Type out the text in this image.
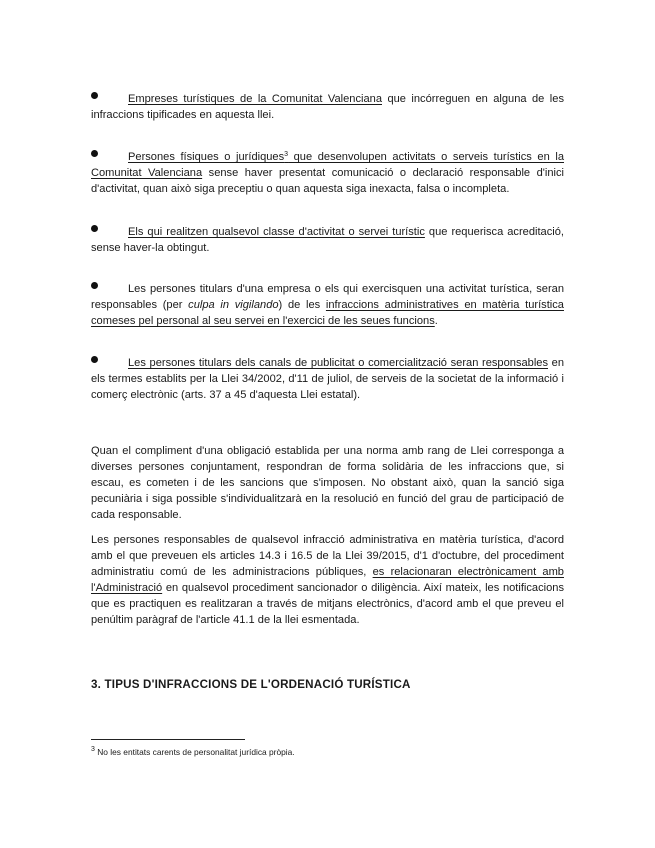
Empreses turístiques de la Comunitat Valenciana que incórreguen en alguna de les infraccions tipificades en aquesta llei.

Persones físiques o jurídiques$^3$ que desenvolupen activitats o serveis turístics en la Comunitat Valenciana sense haver presentat comunicació o declaració responsable d'inici d'activitat, quan això siga preceptiu o quan aquesta siga inexacta, falsa o incompleta.

Els qui realitzen qualsevol classe d'activitat o servei turístic que requerisca acreditació, sense haver-la obtingut.

Les persones titulars d'una empresa o els qui exercisquen una activitat turística, seran responsables (per culpa in vigilando) de les infraccions administratives en matèria turística comeses pel personal al seu servei en l'exercici de les seues funcions.

Les persones titulars dels canals de publicitat o comercialització seran responsables en els termes establits per la Llei 34/2002, d'11 de juliol, de serveis de la societat de la informació i comerç electrònic (arts. 37 a 45 d'aquesta Llei estatal).

Quan el compliment d'una obligació establida per una norma amb rang de Llei corresponga a diverses persones conjuntament, respondran de forma solidària de les infraccions que, si escau, es cometen i de les sancions que s'imposen. No obstant això, quan la sanció siga pecuniària i siga possible s'individualitzarà en la resolució en funció del grau de participació de cada responsable.

Les persones responsables de qualsevol infracció administrativa en matèria turística, d'acord amb el que preveuen els articles 14.3 i 16.5 de la Llei 39/2015, d'1 d'octubre, del procediment administratiu comú de les administracions públiques, es relacionaran electrònicament amb l'Administració en qualsevol procediment sancionador o diligència. Així mateix, les notificacions que es practiquen es realitzaran a través de mitjans electrònics, d'acord amb el que preveu el penúltim paràgraf de l'article 41.1 de la llei esmentada.

3. TIPUS D'INFRACCIONS DE L'ORDENACIÓ TURÍSTICA

$^3$ No les entitats carents de personalitat jurídica pròpia.
